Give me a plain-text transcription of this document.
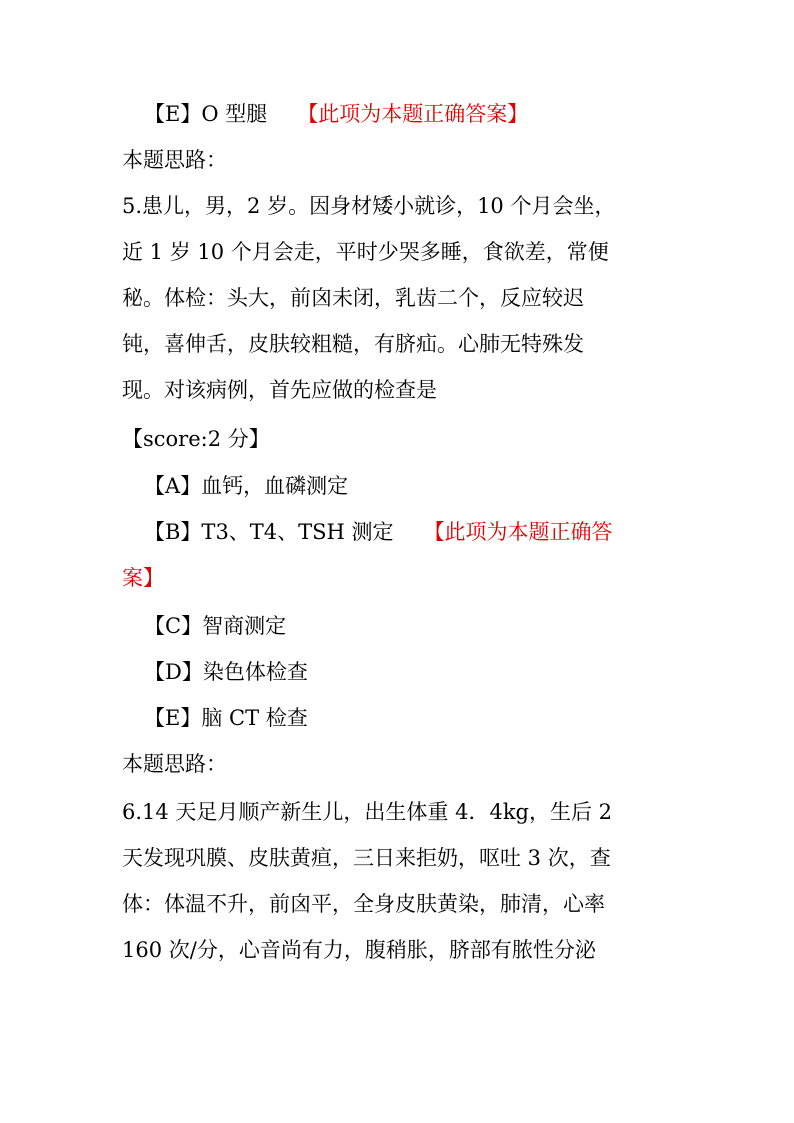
【E】O 型腿 【此项为本题正确答案】
本题思路：
5.患儿，男，2 岁。因身材矮小就诊，10 个月会坐，
近 1 岁 10 个月会走，平时少哭多睡，食欲差，常便
秘。体检：头大，前囟未闭，乳齿二个，反应较迟
钝，喜伸舌，皮肤较粗糙，有脐疝。心肺无特殊发
现。对该病例，首先应做的检查是
【score:2 分】
【A】血钙，血磷测定
【B】T3、T4、TSH 测定 【此项为本题正确答
案】
【C】智商测定
【D】染色体检查
【E】脑 CT 检查
本题思路：
6.14 天足月顺产新生儿，出生体重 4．4kg，生后 2
天发现巩膜、皮肤黄疸，三日来拒奶，呕吐 3 次，查
体：体温不升，前囟平，全身皮肤黄染，肺清，心率
160 次/分，心音尚有力，腹稍胀，脐部有脓性分泌
